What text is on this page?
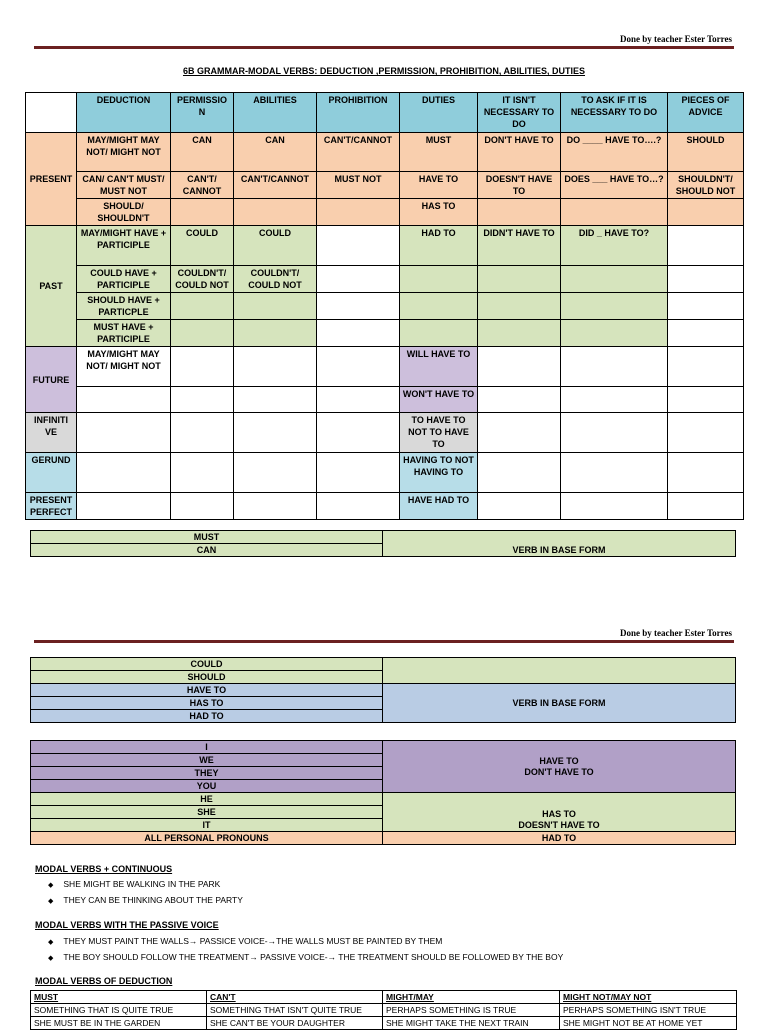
Done by teacher Ester Torres
6B GRAMMAR-MODAL VERBS: DEDUCTION ,PERMISSION, PROHIBITION, ABILITIES, DUTIES
	DEDUCTION	PERMISSIO N	ABILITIES	PROHIBITION	DUTIES	IT ISN'T NECESSARY TO DO	TO ASK IF IT IS NECESSARY TO DO	PIECES OF ADVICE
PRESENT	MAY/MIGHT MAY NOT/ MIGHT NOT	CAN	CAN	CAN'T/CANNOT	MUST	DON'T HAVE TO	DO ____ HAVE TO….?	SHOULD
	CAN/ CAN'T MUST/ MUST NOT	CAN'T/ CANNOT	CAN'T/CANNOT	MUST NOT	HAVE TO	DOESN'T HAVE TO	DOES ___ HAVE TO…?	SHOULDN'T/ SHOULD NOT
	SHOULD/ SHOULDN'T				HAS TO			
PAST	MAY/MIGHT HAVE + PARTICIPLE	COULD	COULD		HAD TO	DIDN'T HAVE TO	DID _ HAVE TO?	
	COULD HAVE + PARTICIPLE	COULDN'T/ COULD NOT	COULDN'T/ COULD NOT					
	SHOULD HAVE + PARTICPLE							
	MUST HAVE + PARTICIPLE							
FUTURE	MAY/MIGHT MAY NOT/ MIGHT NOT				WILL HAVE TO			
					WON'T HAVE TO			
INFINITI VE					TO HAVE TO NOT TO HAVE TO			
GERUND					HAVING TO NOT HAVING TO			
PRESENT PERFECT					HAVE HAD TO			
MUST	VERB IN BASE FORM
CAN
Done by teacher Ester Torres
COULD	
SHOULD	
HAVE TO	VERB IN BASE FORM
HAS TO	
HAD TO	
I	HAVE TO
DON'T HAVE TO

WE	
THEY	
YOU	
HE	HAS TO
DOESN'T HAVE TO

SHE	
IT	
ALL PERSONAL PRONOUNS	HAD TO
MODAL VERBS + CONTINUOUS
◆ SHE MIGHT BE WALKING IN THE PARK
◆ THEY CAN BE THINKING ABOUT THE PARTY
MODAL VERBS WITH THE PASSIVE VOICE
◆ THEY MUST PAINT THE WALLS→ PASSICE VOICE-→THE WALLS MUST BE PAINTED BY THEM
◆ THE BOY SHOULD FOLLOW THE TREATMENT→ PASSIVE VOICE-→ THE TREATMENT SHOULD BE FOLLOWED BY THE BOY
MODAL VERBS OF DEDUCTION
MUST	CAN'T	MIGHT/MAY	MIGHT NOT/MAY NOT
SOMETHING THAT IS QUITE TRUE	SOMETHING THAT ISN'T QUITE TRUE	PERHAPS SOMETHING IS TRUE	PERHAPS SOMETHING ISN'T TRUE
SHE MUST BE IN THE GARDEN	SHE CAN'T BE YOUR DAUGHTER	SHE MIGHT TAKE THE NEXT TRAIN	SHE MIGHT NOT BE AT HOME YET
